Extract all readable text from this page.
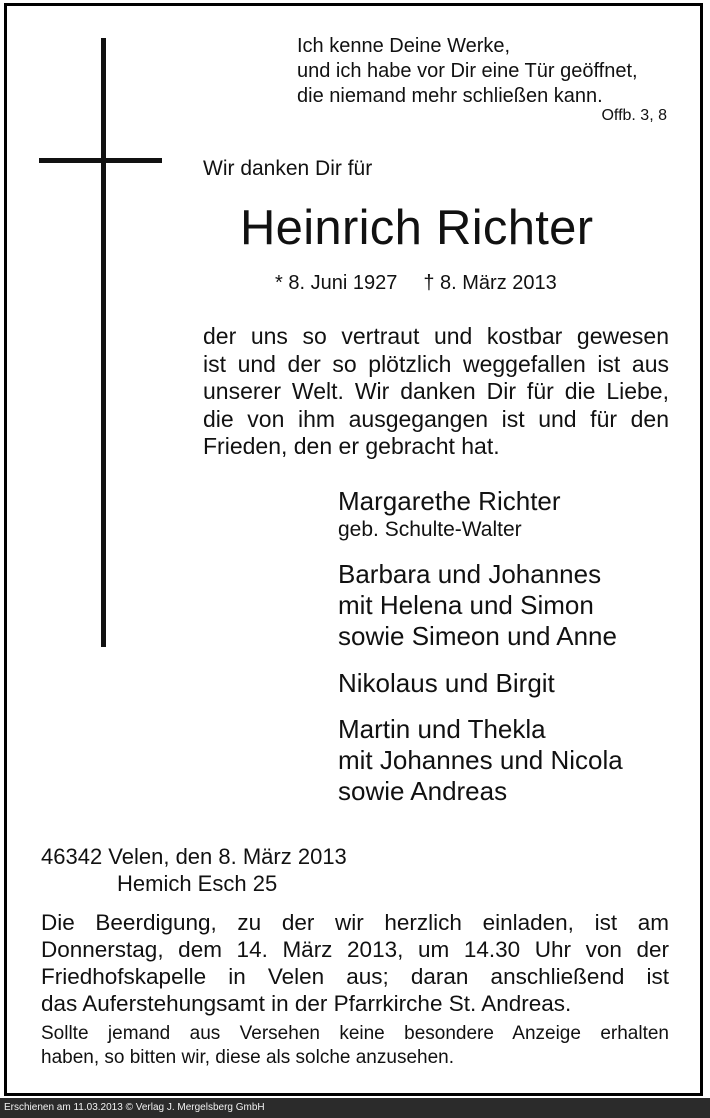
Ich kenne Deine Werke,
und ich habe vor Dir eine Tür geöffnet,
die niemand mehr schließen kann.
Offb. 3, 8
Wir danken Dir für
Heinrich Richter
* 8. Juni 1927 † 8. März 2013
der uns so vertraut und kostbar gewesen
ist und der so plötzlich weggefallen ist aus
unserer Welt. Wir danken Dir für die Liebe,
die von ihm ausgegangen ist und für den
Frieden, den er gebracht hat.
Margarethe Richter
geb. Schulte-Walter
Barbara und Johannes
mit Helena und Simon
sowie Simeon und Anne
Nikolaus und Birgit
Martin und Thekla
mit Johannes und Nicola
sowie Andreas
46342 Velen, den 8. März 2013
Hemich Esch 25
Die Beerdigung, zu der wir herzlich einladen, ist am
Donnerstag, dem 14. März 2013, um 14.30 Uhr von der
Friedhofskapelle in Velen aus; daran anschließend ist
das Auferstehungsamt in der Pfarrkirche St. Andreas.
Sollte jemand aus Versehen keine besondere Anzeige erhalten
haben, so bitten wir, diese als solche anzusehen.
Erschienen am 11.03.2013 © Verlag J. Mergelsberg GmbH
